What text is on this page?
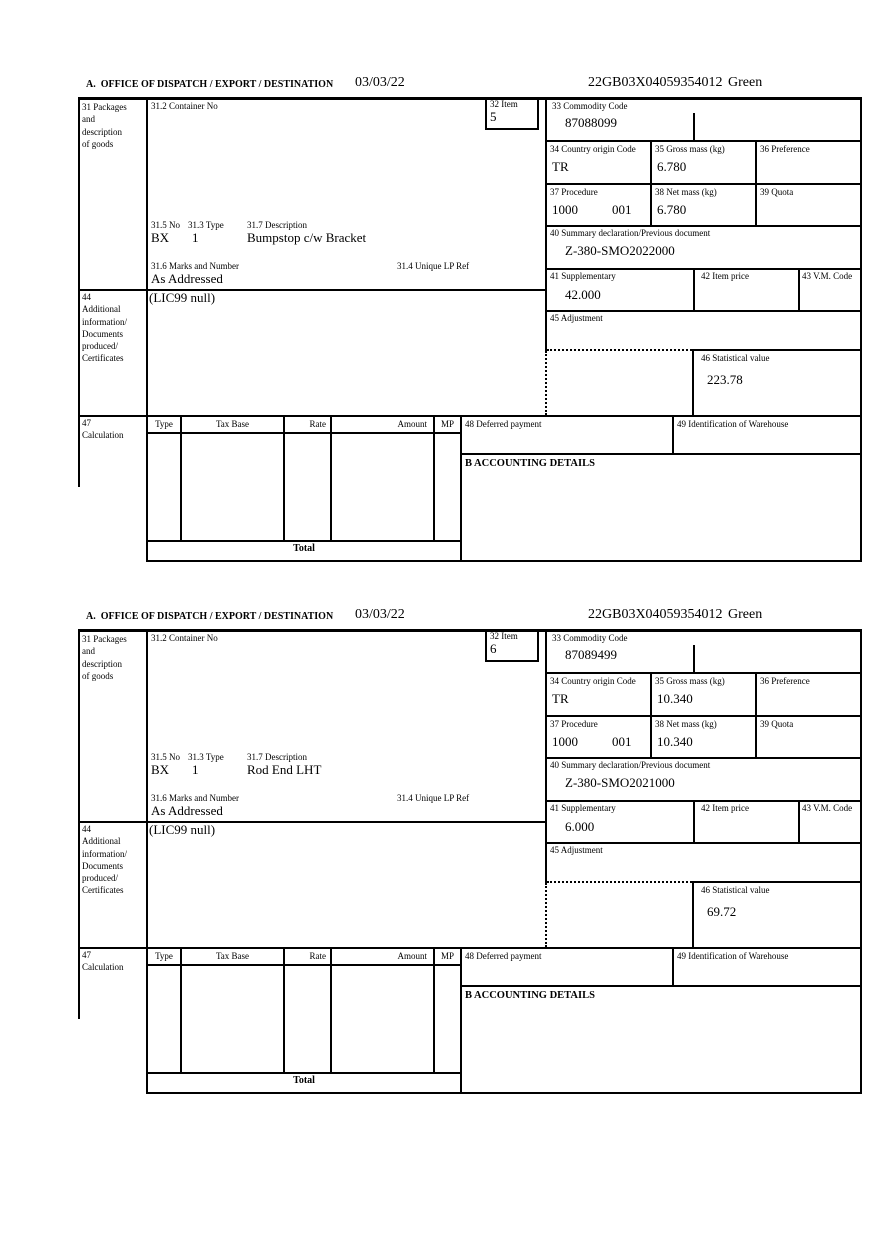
A.  OFFICE OF DISPATCH / EXPORT / DESTINATION 03/03/22	22GB03X04059354012 Green
31 Packages
and
description
of goods
31.2 Container No	32 Item
5
31.5 No 31.3 Type	31.7 Description
BX 1	Bumpstop c/w Bracket
31.6 Marks and Number	31.4 Unique LP Ref
As Addressed
33 Commodity Code
87088099
34 Country origin Code
TR
35 Gross mass (kg)
6.780
36 Preference
37 Procedure
1000	001
38 Net mass (kg)
6.780
39 Quota
40 Summary declaration/Previous document
Z-380-SMO2022000
41 Supplementary
42.000
42 Item price	43 V.M. Code
45 Adjustment
46 Statistical value
223.78
44
Additional
information/
Documents
produced/
Certificates
(LIC99 null)
47
Calculation
Type	Tax Base	Rate	Amount	MP	48 Deferred payment	49 Identification of Warehouse
B ACCOUNTING DETAILS
Total
A.  OFFICE OF DISPATCH / EXPORT / DESTINATION 03/03/22	22GB03X04059354012 Green
31 Packages
and
description
of goods
31.2 Container No	32 Item
6
31.5 No 31.3 Type	31.7 Description
BX 1	Rod End LHT
31.6 Marks and Number	31.4 Unique LP Ref
As Addressed
33 Commodity Code
87089499
34 Country origin Code
TR
35 Gross mass (kg)
10.340
36 Preference
37 Procedure
1000	001
38 Net mass (kg)
10.340
39 Quota
40 Summary declaration/Previous document
Z-380-SMO2021000
41 Supplementary
6.000
42 Item price	43 V.M. Code
45 Adjustment
46 Statistical value
69.72
44
Additional
information/
Documents
produced/
Certificates
(LIC99 null)
47
Calculation
Type	Tax Base	Rate	Amount	MP	48 Deferred payment	49 Identification of Warehouse
B ACCOUNTING DETAILS
Total
